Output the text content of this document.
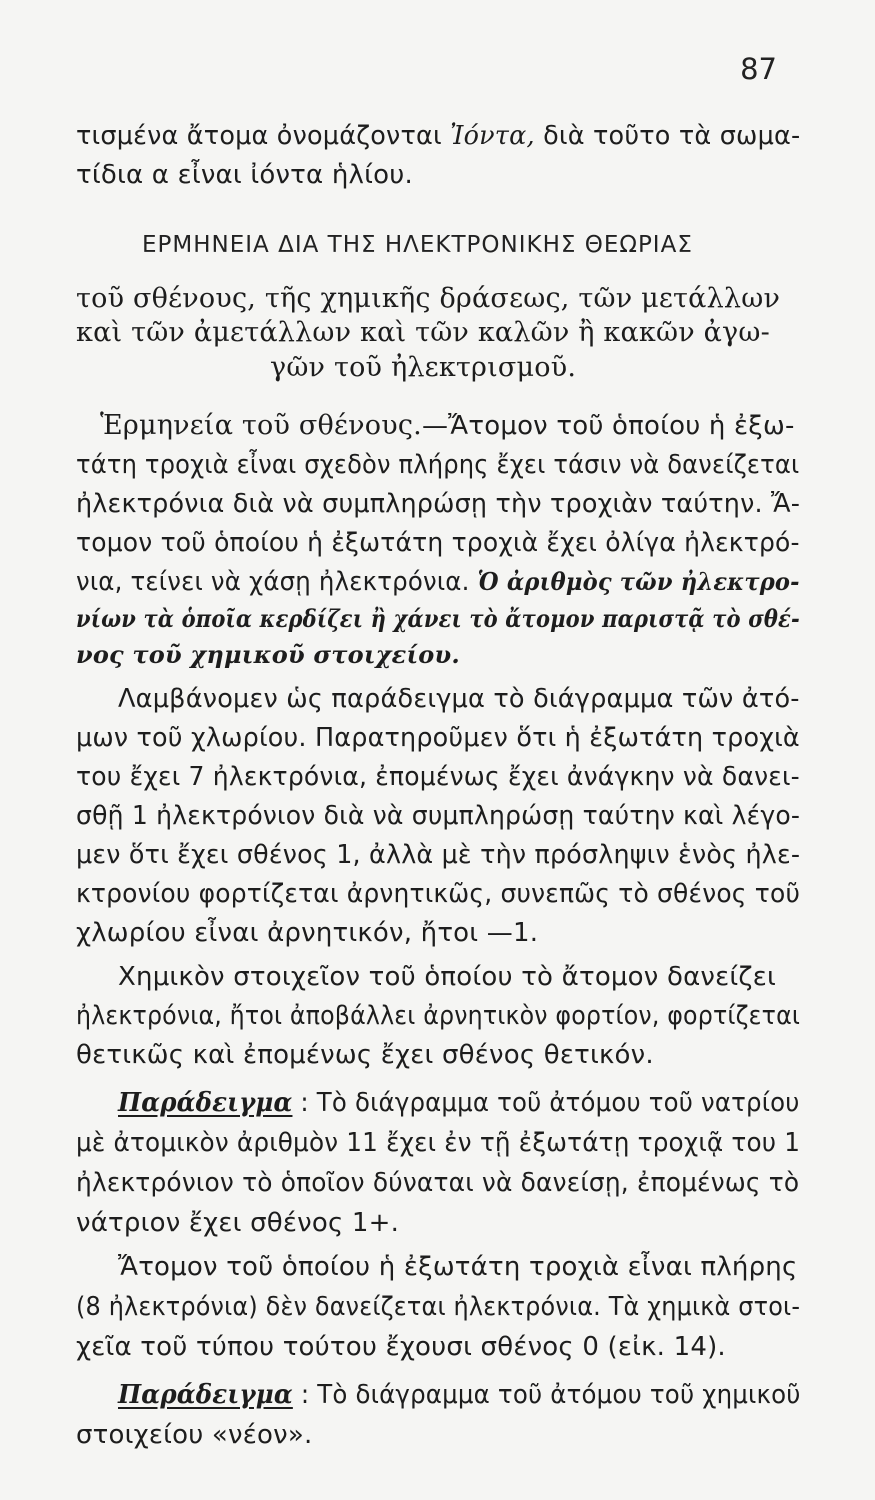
87
τισμένα ἄτομα ὀνομάζονται Ἰόντα, διὰ τοῦτο τὰ σωμα-
τίδια α εἶναι ἰόντα ἡλίου.
ΕΡΜΗΝΕΙΑ ΔΙΑ ΤΗΣ ΗΛΕΚΤΡΟΝΙΚΗΣ ΘΕΩΡΙΑΣ
τοῦ σθένους, τῆς χημικῆς δράσεως, τῶν μετάλλων
καὶ τῶν ἀμετάλλων καὶ τῶν καλῶν ἢ κακῶν ἀγω-
γῶν τοῦ ἠλεκτρισμοῦ.
Ἑρμηνεία τοῦ σθένους.—Ἄτομον τοῦ ὁποίου ἡ ἐξω-
τάτη τροχιὰ εἶναι σχεδὸν πλήρης ἔχει τάσιν νὰ δανείζεται
ἠλεκτρόνια διὰ νὰ συμπληρώσῃ τὴν τροχιὰν ταύτην. Ἄ-
τομον τοῦ ὁποίου ἡ ἐξωτάτη τροχιὰ ἔχει ὀλίγα ἠλεκτρό-
νια, τείνει νὰ χάσῃ ἠλεκτρόνια. Ὁ ἀριθμὸς τῶν ἠλεκτρο-
νίων τὰ ὁποῖα κερδίζει ἢ χάνει τὸ ἄτομον παριστᾷ τὸ σθέ-
νος τοῦ χημικοῦ στοιχείου.
Λαμβάνομεν ὡς παράδειγμα τὸ διάγραμμα τῶν ἀτό-
μων τοῦ χλωρίου. Παρατηροῦμεν ὅτι ἡ ἐξωτάτη τροχιὰ
του ἔχει 7 ἠλεκτρόνια, ἐπομένως ἔχει ἀνάγκην νὰ δανει-
σθῇ 1 ἠλεκτρόνιον διὰ νὰ συμπληρώσῃ ταύτην καὶ λέγο-
μεν ὅτι ἔχει σθένος 1, ἀλλὰ μὲ τὴν πρόσληψιν ἑνὸς ἠλε-
κτρονίου φορτίζεται ἀρνητικῶς, συνεπῶς τὸ σθένος τοῦ
χλωρίου εἶναι ἀρνητικόν, ἤτοι —1.
Χημικὸν στοιχεῖον τοῦ ὁποίου τὸ ἄτομον δανείζει
ἠλεκτρόνια, ἤτοι ἀποβάλλει ἀρνητικὸν φορτίον, φορτίζεται
θετικῶς καὶ ἐπομένως ἔχει σθένος θετικόν.
Παράδειγμα : Τὸ διάγραμμα τοῦ ἀτόμου τοῦ νατρίου
μὲ ἀτομικὸν ἀριθμὸν 11 ἔχει ἐν τῇ ἐξωτάτῃ τροχιᾷ του 1
ἠλεκτρόνιον τὸ ὁποῖον δύναται νὰ δανείσῃ, ἐπομένως τὸ
νάτριον ἔχει σθένος 1+.
Ἄτομον τοῦ ὁποίου ἡ ἐξωτάτη τροχιὰ εἶναι πλήρης
(8 ἠλεκτρόνια) δὲν δανείζεται ἠλεκτρόνια. Τὰ χημικὰ στοι-
χεῖα τοῦ τύπου τούτου ἔχουσι σθένος 0 (εἰκ. 14).
Παράδειγμα : Τὸ διάγραμμα τοῦ ἀτόμου τοῦ χημικοῦ
στοιχείου «νέον».
